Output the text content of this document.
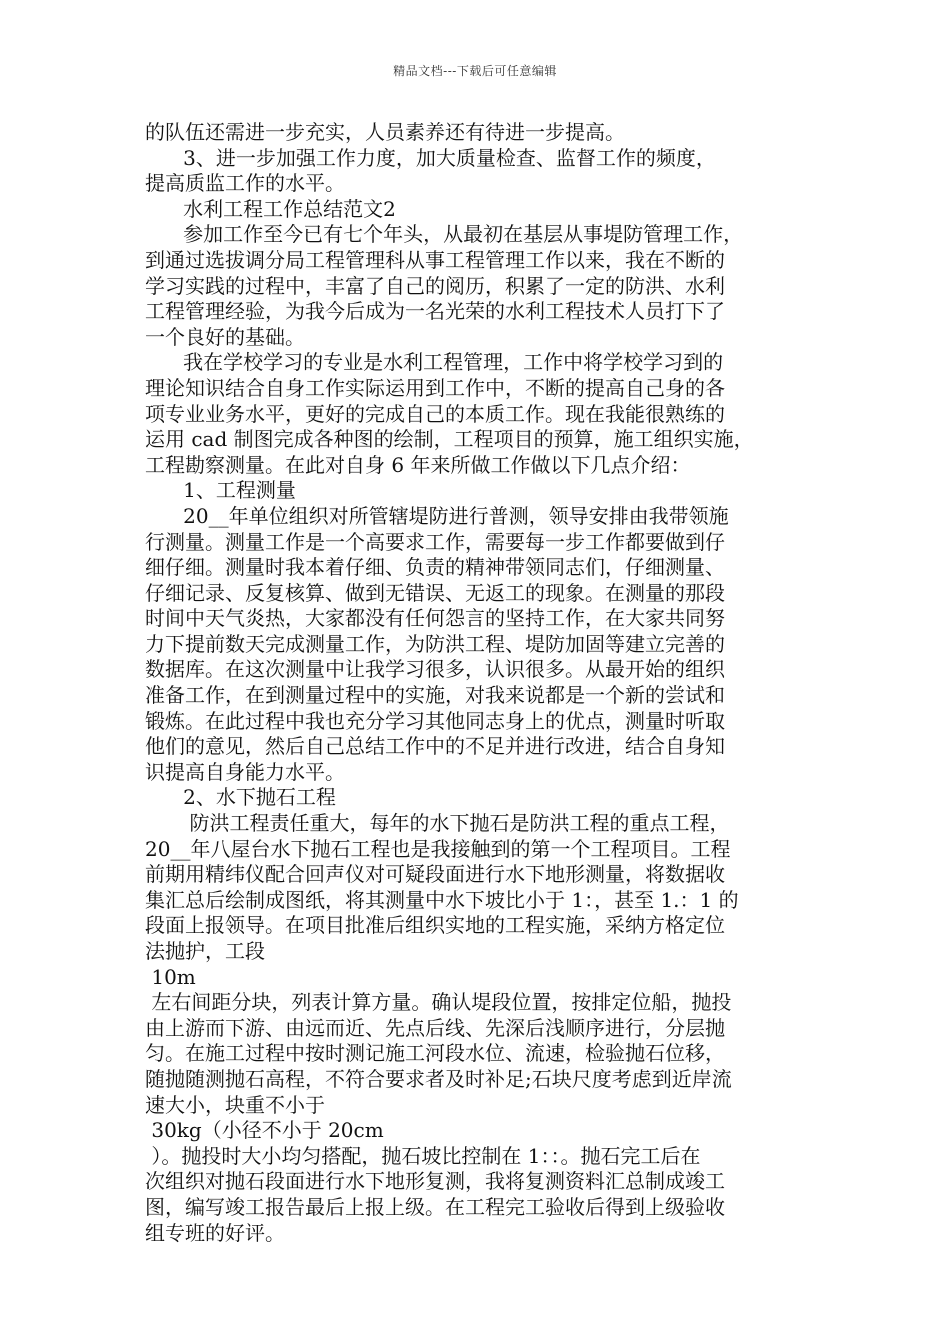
精品文档---下载后可任意编辑
的队伍还需进一步充实，人员素养还有待进一步提高。
3、进一步加强工作力度，加大质量检查、监督工作的频度，
提高质监工作的水平。
水利工程工作总结范文2
参加工作至今已有七个年头，从最初在基层从事堤防管理工作，
到通过选拔调分局工程管理科从事工程管理工作以来，我在不断的
学习实践的过程中，丰富了自己的阅历，积累了一定的防洪、水利
工程管理经验，为我今后成为一名光荣的水利工程技术人员打下了
一个良好的基础。
我在学校学习的专业是水利工程管理，工作中将学校学习到的
理论知识结合自身工作实际运用到工作中，不断的提高自己身的各
项专业业务水平，更好的完成自己的本质工作。现在我能很熟练的
运用 cad 制图完成各种图的绘制，工程项目的预算，施工组织实施，
工程勘察测量。在此对自身 6 年来所做工作做以下几点介绍：
1、工程测量
20__年单位组织对所管辖堤防进行普测，领导安排由我带领施
行测量。测量工作是一个高要求工作，需要每一步工作都要做到仔
细仔细。测量时我本着仔细、负责的精神带领同志们，仔细测量、
仔细记录、反复核算、做到无错误、无返工的现象。在测量的那段
时间中天气炎热，大家都没有任何怨言的坚持工作，在大家共同努
力下提前数天完成测量工作，为防洪工程、堤防加固等建立完善的
数据库。在这次测量中让我学习很多，认识很多。从最开始的组织
准备工作，在到测量过程中的实施，对我来说都是一个新的尝试和
锻炼。在此过程中我也充分学习其他同志身上的优点，测量时听取
他们的意见，然后自己总结工作中的不足并进行改进，结合自身知
识提高自身能力水平。
2、水下抛石工程
防洪工程责任重大，每年的水下抛石是防洪工程的重点工程，
20__年八屋台水下抛石工程也是我接触到的第一个工程项目。工程
前期用精纬仪配合回声仪对可疑段面进行水下地形测量，将数据收
集汇总后绘制成图纸，将其测量中水下坡比小于 1：，甚至 1.：1 的
段面上报领导。在项目批准后组织实地的工程实施，采纳方格定位
法抛护，工段
10m
左右间距分块，列表计算方量。确认堤段位置，按排定位船，抛投
由上游而下游、由远而近、先点后线、先深后浅顺序进行，分层抛
匀。在施工过程中按时测记施工河段水位、流速，检验抛石位移，
随抛随测抛石高程，不符合要求者及时补足;石块尺度考虑到近岸流
速大小，块重不小于
30kg（小径不小于 20cm
）。抛投时大小均匀搭配，抛石坡比控制在 1：：。抛石完工后在
次组织对抛石段面进行水下地形复测，我将复测资料汇总制成竣工
图，编写竣工报告最后上报上级。在工程完工验收后得到上级验收
组专班的好评。
